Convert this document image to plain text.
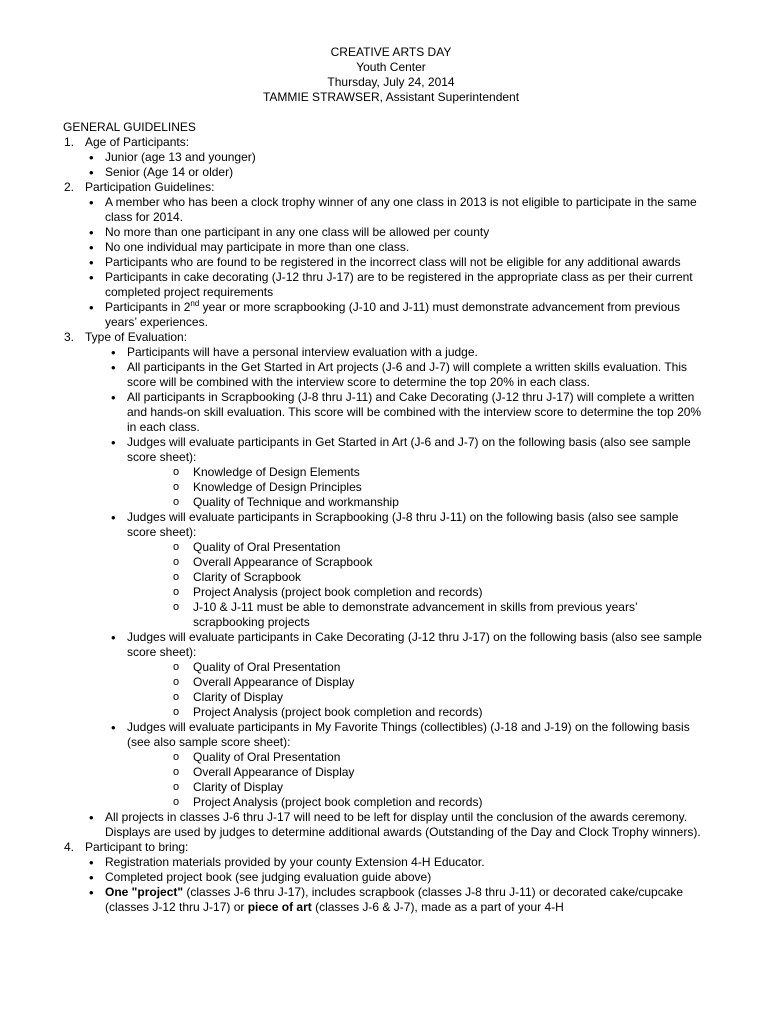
CREATIVE ARTS DAY
Youth Center
Thursday, July 24, 2014
TAMMIE STRAWSER, Assistant Superintendent
GENERAL GUIDELINES
1. Age of Participants:
• Junior (age 13 and younger)
• Senior (Age 14 or older)
2. Participation Guidelines:
• A member who has been a clock trophy winner of any one class in 2013 is not eligible to participate in the same class for 2014.
• No more than one participant in any one class will be allowed per county
• No one individual may participate in more than one class.
• Participants who are found to be registered in the incorrect class will not be eligible for any additional awards
• Participants in cake decorating (J-12 thru J-17) are to be registered in the appropriate class as per their current completed project requirements
• Participants in 2nd year or more scrapbooking (J-10 and J-11) must demonstrate advancement from previous years’ experiences.
3. Type of Evaluation:
• Participants will have a personal interview evaluation with a judge.
• All participants in the Get Started in Art projects (J-6 and J-7) will complete a written skills evaluation. This score will be combined with the interview score to determine the top 20% in each class.
• All participants in Scrapbooking (J-8 thru J-11) and Cake Decorating (J-12 thru J-17) will complete a written and hands-on skill evaluation. This score will be combined with the interview score to determine the top 20% in each class.
• Judges will evaluate participants in Get Started in Art (J-6 and J-7) on the following basis (also see sample score sheet):
o Knowledge of Design Elements
o Knowledge of Design Principles
o Quality of Technique and workmanship
• Judges will evaluate participants in Scrapbooking (J-8 thru J-11) on the following basis (also see sample score sheet):
o Quality of Oral Presentation
o Overall Appearance of Scrapbook
o Clarity of Scrapbook
o Project Analysis (project book completion and records)
o J-10 & J-11 must be able to demonstrate advancement in skills from previous years’ scrapbooking projects
• Judges will evaluate participants in Cake Decorating (J-12 thru J-17) on the following basis (also see sample score sheet):
o Quality of Oral Presentation
o Overall Appearance of Display
o Clarity of Display
o Project Analysis (project book completion and records)
• Judges will evaluate participants in My Favorite Things (collectibles) (J-18 and J-19) on the following basis (see also sample score sheet):
o Quality of Oral Presentation
o Overall Appearance of Display
o Clarity of Display
o Project Analysis (project book completion and records)
• All projects in classes J-6 thru J-17 will need to be left for display until the conclusion of the awards ceremony. Displays are used by judges to determine additional awards (Outstanding of the Day and Clock Trophy winners).
4. Participant to bring:
• Registration materials provided by your county Extension 4-H Educator.
• Completed project book (see judging evaluation guide above)
• One "project" (classes J-6 thru J-17), includes scrapbook (classes J-8 thru J-11) or decorated cake/cupcake (classes J-12 thru J-17) or piece of art (classes J-6 & J-7), made as a part of your 4-H
